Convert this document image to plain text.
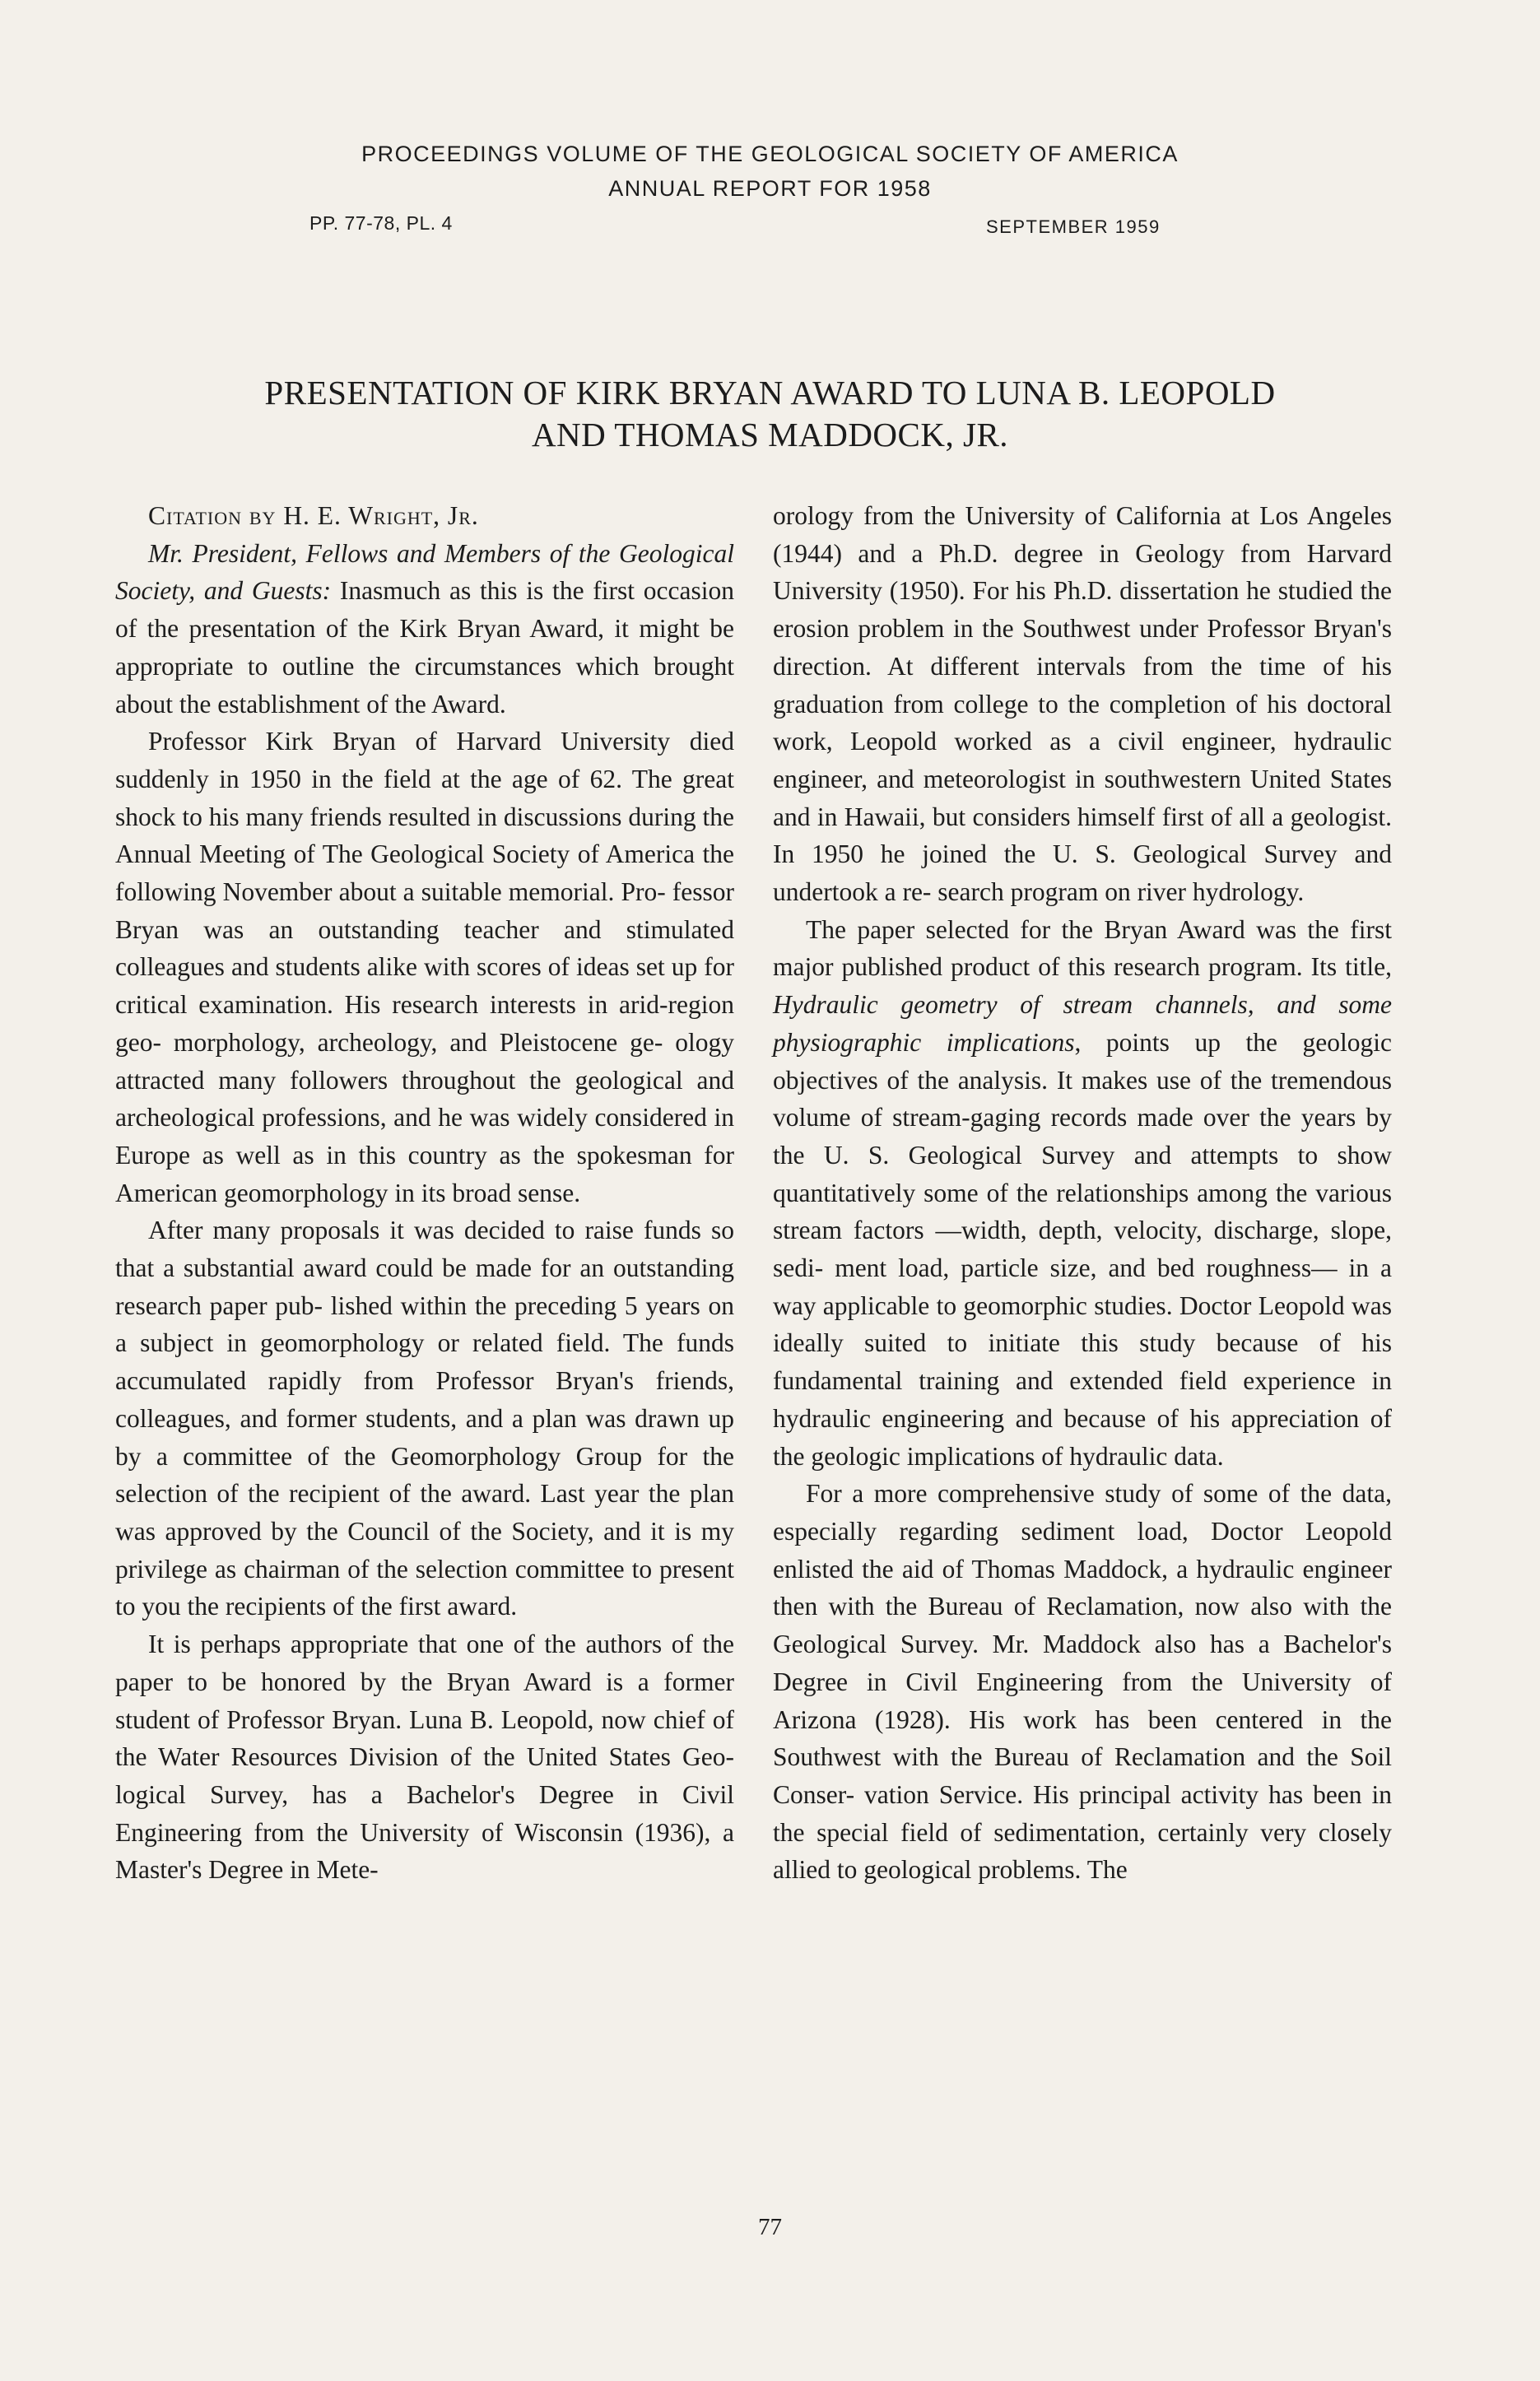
PROCEEDINGS VOLUME OF THE GEOLOGICAL SOCIETY OF AMERICA
ANNUAL REPORT FOR 1958
PP. 77-78, PL. 4	SEPTEMBER 1959
PRESENTATION OF KIRK BRYAN AWARD TO LUNA B. LEOPOLD
AND THOMAS MADDOCK, JR.

Citation by H. E. Wright, Jr.

Mr. President, Fellows and Members of the Geological Society, and Guests: Inasmuch as this is the first occasion of the presentation of the Kirk Bryan Award, it might be appropriate to outline the circumstances which brought about the establishment of the Award.

Professor Kirk Bryan of Harvard University died suddenly in 1950 in the field at the age of 62. The great shock to his many friends resulted in discussions during the Annual Meeting of The Geological Society of America the following November about a suitable memorial. Pro- fessor Bryan was an outstanding teacher and stimulated colleagues and students alike with scores of ideas set up for critical examination. His research interests in arid-region geo- morphology, archeology, and Pleistocene ge- ology attracted many followers throughout the geological and archeological professions, and he was widely considered in Europe as well as in this country as the spokesman for American geomorphology in its broad sense.

After many proposals it was decided to raise funds so that a substantial award could be made for an outstanding research paper pub- lished within the preceding 5 years on a subject in geomorphology or related field. The funds accumulated rapidly from Professor Bryan's friends, colleagues, and former students, and a plan was drawn up by a committee of the Geomorphology Group for the selection of the recipient of the award. Last year the plan was approved by the Council of the Society, and it is my privilege as chairman of the selection committee to present to you the recipients of the first award.

It is perhaps appropriate that one of the authors of the paper to be honored by the Bryan Award is a former student of Professor Bryan. Luna B. Leopold, now chief of the Water Resources Division of the United States Geo- logical Survey, has a Bachelor's Degree in Civil Engineering from the University of Wisconsin (1936), a Master's Degree in Mete-

orology from the University of California at Los Angeles (1944) and a Ph.D. degree in Geology from Harvard University (1950). For his Ph.D. dissertation he studied the erosion problem in the Southwest under Professor Bryan's direction. At different intervals from the time of his graduation from college to the completion of his doctoral work, Leopold worked as a civil engineer, hydraulic engineer, and meteorologist in southwestern United States and in Hawaii, but considers himself first of all a geologist. In 1950 he joined the U. S. Geological Survey and undertook a re- search program on river hydrology.

The paper selected for the Bryan Award was the first major published product of this research program. Its title, Hydraulic geometry of stream channels, and some physiographic implications, points up the geologic objectives of the analysis. It makes use of the tremendous volume of stream-gaging records made over the years by the U. S. Geological Survey and attempts to show quantitatively some of the relationships among the various stream factors —width, depth, velocity, discharge, slope, sedi- ment load, particle size, and bed roughness— in a way applicable to geomorphic studies. Doctor Leopold was ideally suited to initiate this study because of his fundamental training and extended field experience in hydraulic engineering and because of his appreciation of the geologic implications of hydraulic data.

For a more comprehensive study of some of the data, especially regarding sediment load, Doctor Leopold enlisted the aid of Thomas Maddock, a hydraulic engineer then with the Bureau of Reclamation, now also with the Geological Survey. Mr. Maddock also has a Bachelor's Degree in Civil Engineering from the University of Arizona (1928). His work has been centered in the Southwest with the Bureau of Reclamation and the Soil Conser- vation Service. His principal activity has been in the special field of sedimentation, certainly very closely allied to geological problems. The

77
